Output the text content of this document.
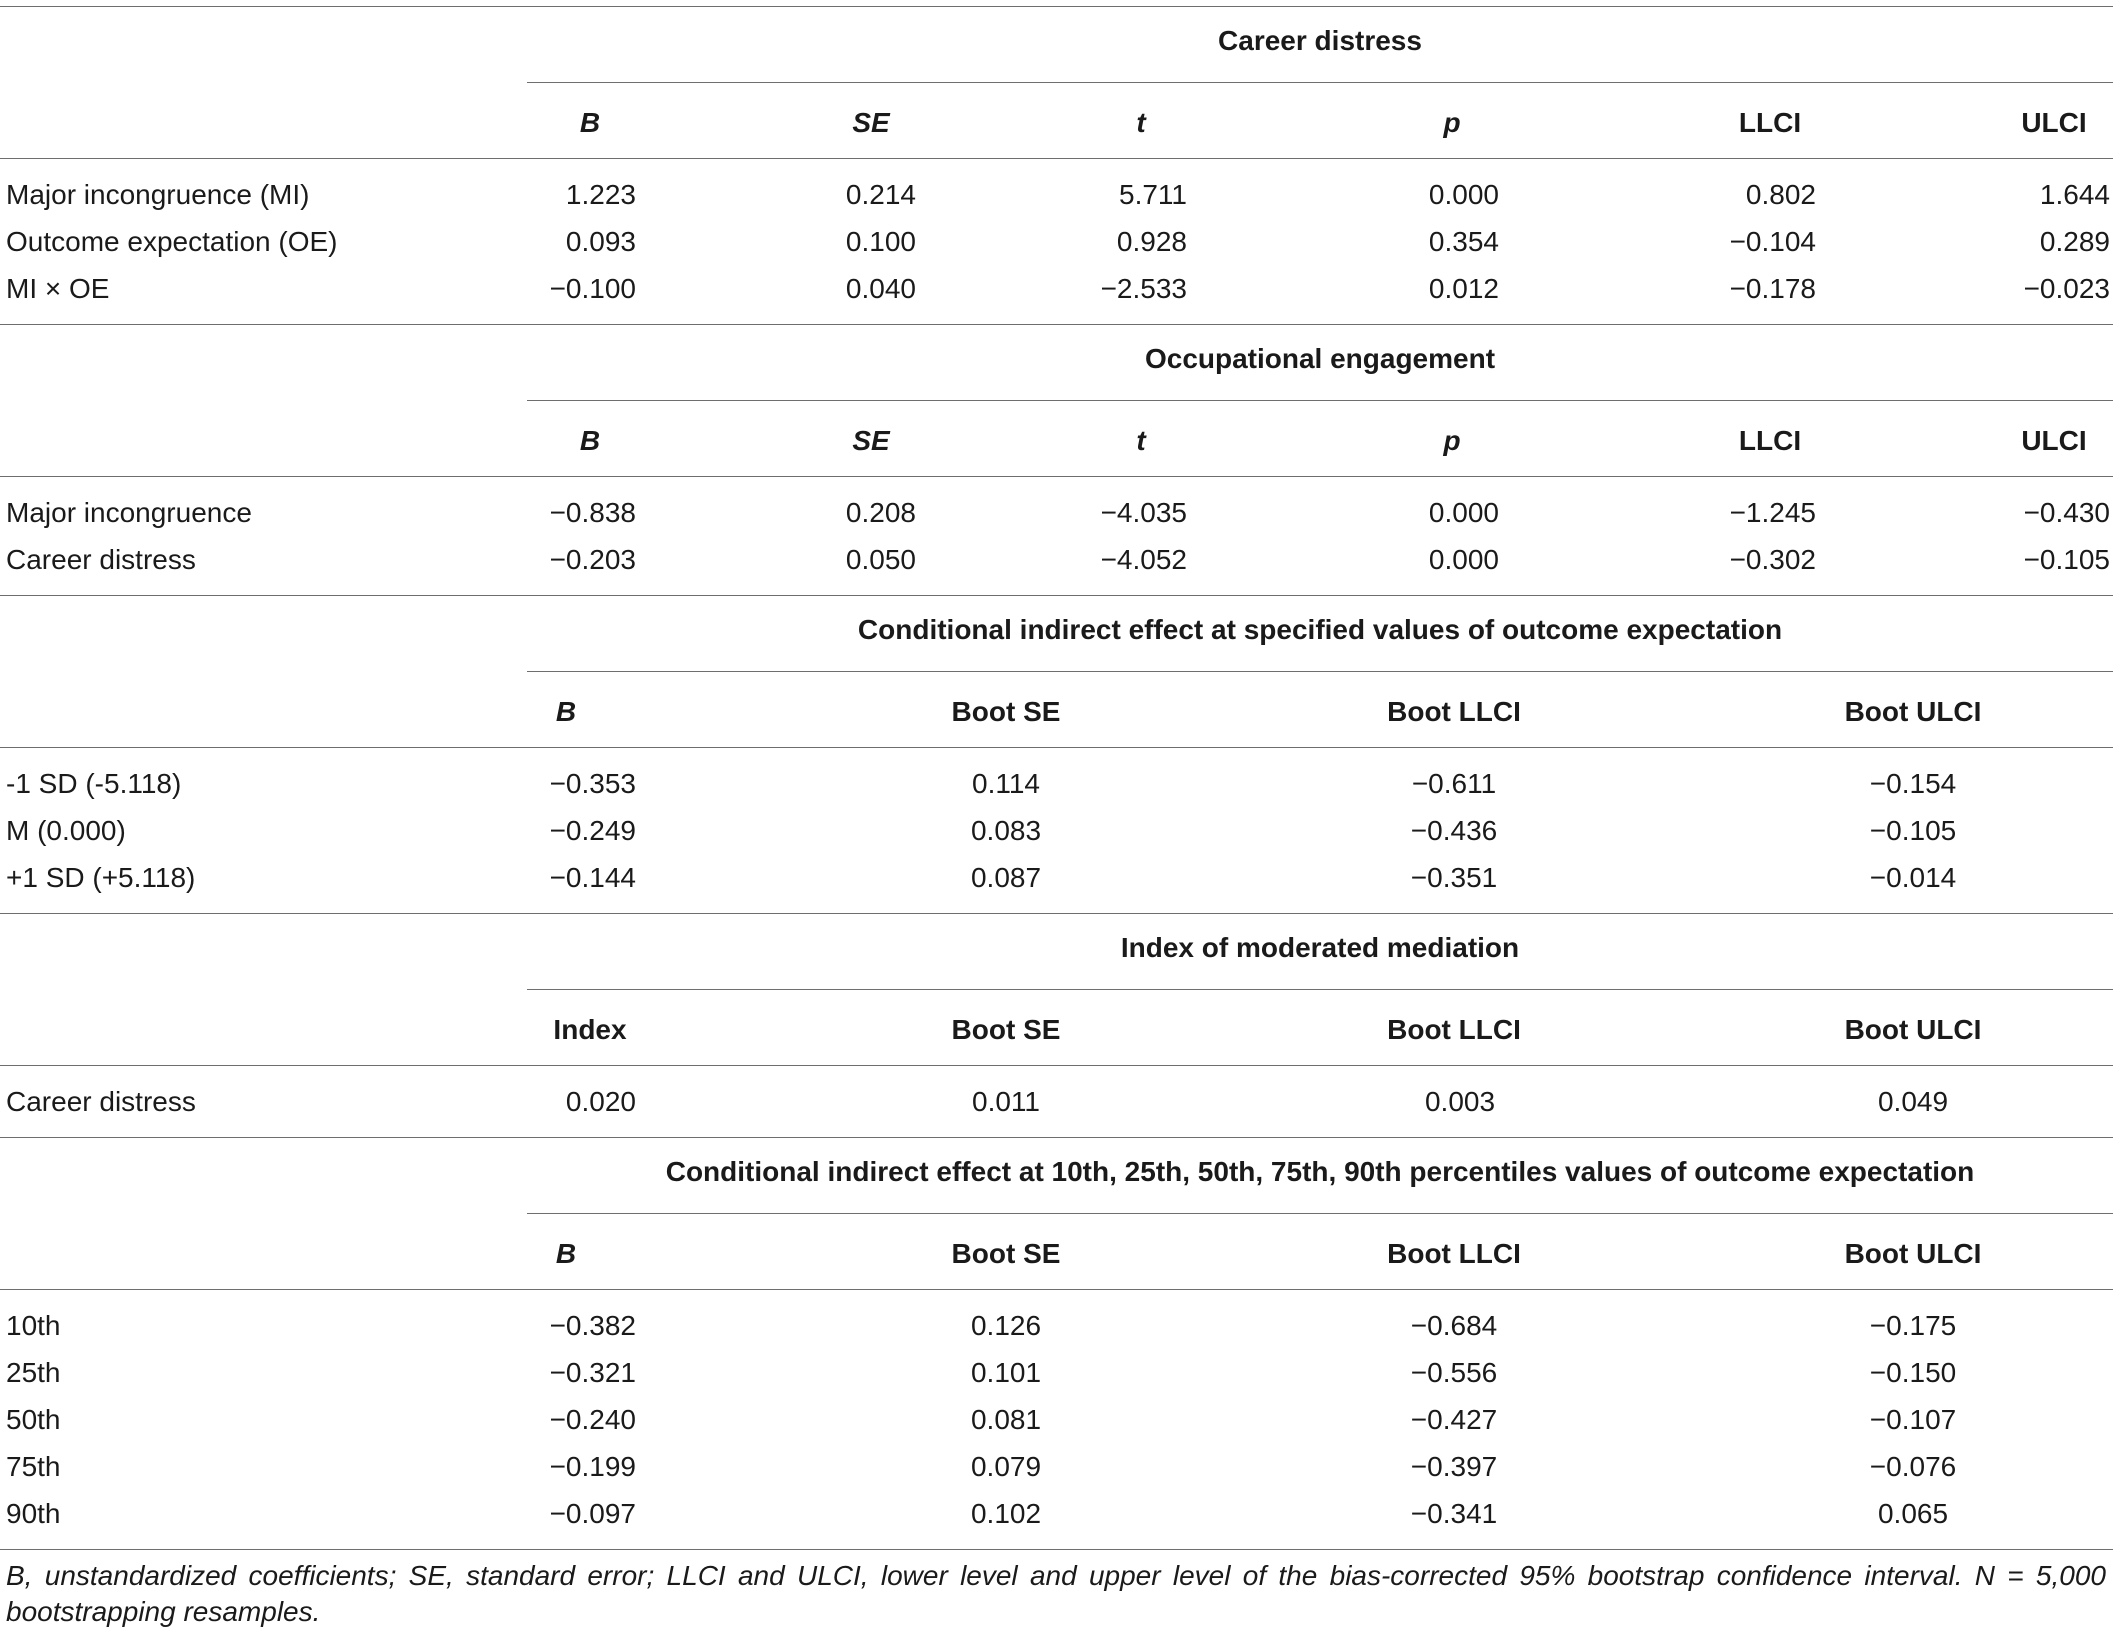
Career distress
B	SE	t	p	LLCI	ULCI
Major incongruence (MI)	1.223	0.214	5.711	0.000	0.802	1.644
Outcome expectation (OE)	0.093	0.100	0.928	0.354	−0.104	0.289
MI × OE	−0.100	0.040	−2.533	0.012	−0.178	−0.023
Occupational engagement
B	SE	t	p	LLCI	ULCI
Major incongruence	−0.838	0.208	−4.035	0.000	−1.245	−0.430
Career distress	−0.203	0.050	−4.052	0.000	−0.302	−0.105
Conditional indirect effect at specified values of outcome expectation
B	Boot SE	Boot LLCI	Boot ULCI
-1 SD (-5.118)	−0.353	0.114	−0.611	−0.154
M (0.000)	−0.249	0.083	−0.436	−0.105
+1 SD (+5.118)	−0.144	0.087	−0.351	−0.014
Index of moderated mediation
Index	Boot SE	Boot LLCI	Boot ULCI
Career distress	0.020	0.011	0.003	0.049
Conditional indirect effect at 10th, 25th, 50th, 75th, 90th percentiles values of outcome expectation
B	Boot SE	Boot LLCI	Boot ULCI
10th	−0.382	0.126	−0.684	−0.175
25th	−0.321	0.101	−0.556	−0.150
50th	−0.240	0.081	−0.427	−0.107
75th	−0.199	0.079	−0.397	−0.076
90th	−0.097	0.102	−0.341	0.065
B, unstandardized coefficients; SE, standard error; LLCI and ULCI, lower level and upper level of the bias-corrected 95% bootstrap confidence interval. N = 5,000 bootstrapping resamples.
